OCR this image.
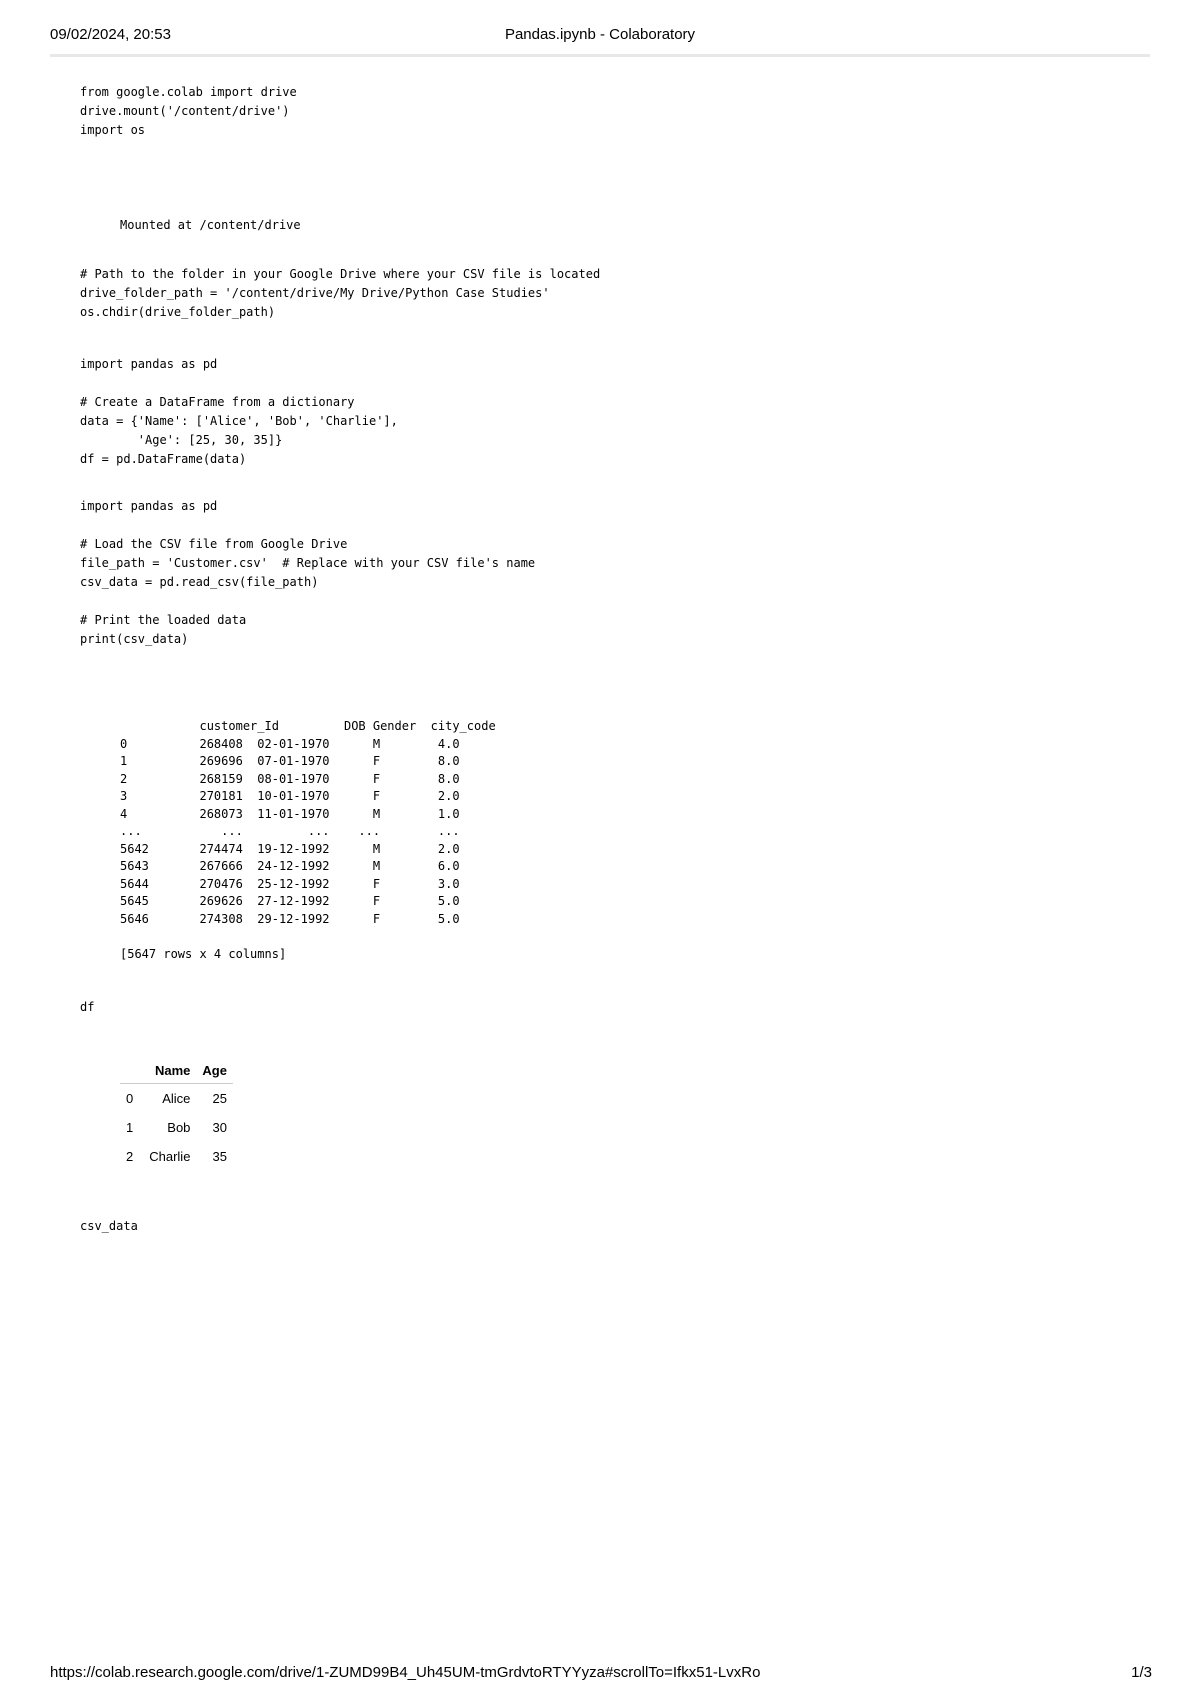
09/02/2024, 20:53	Pandas.ipynb - Colaboratory
from google.colab import drive
drive.mount('/content/drive')
import os
Mounted at /content/drive
# Path to the folder in your Google Drive where your CSV file is located
drive_folder_path = '/content/drive/My Drive/Python Case Studies'
os.chdir(drive_folder_path)
import pandas as pd

# Create a DataFrame from a dictionary
data = {'Name': ['Alice', 'Bob', 'Charlie'],
'Age': [25, 30, 35]}
df = pd.DataFrame(data)
import pandas as pd

# Load the CSV file from Google Drive
file_path = 'Customer.csv'  # Replace with your CSV file's name
csv_data = pd.read_csv(file_path)

# Print the loaded data
print(csv_data)
customer_Id         DOB Gender  city_code
0          268408  02-01-1970      M        4.0
1          269696  07-01-1970      F        8.0
2          268159  08-01-1970      F        8.0
3          270181  10-01-1970      F        2.0
4          268073  11-01-1970      M        1.0
...           ...         ...    ...        ...
5642       274474  19-12-1992      M        2.0
5643       267666  24-12-1992      M        6.0
5644       270476  25-12-1992      F        3.0
5645       269626  27-12-1992      F        5.0
5646       274308  29-12-1992      F        5.0

[5647 rows x 4 columns]
df
	Name	Age
0	Alice	25
1	Bob	30
2	Charlie	35
csv_data
https://colab.research.google.com/drive/1-ZUMD99B4_Uh45UM-tmGrdvtoRTYYyza#scrollTo=Ifkx51-LvxRo	1/3
